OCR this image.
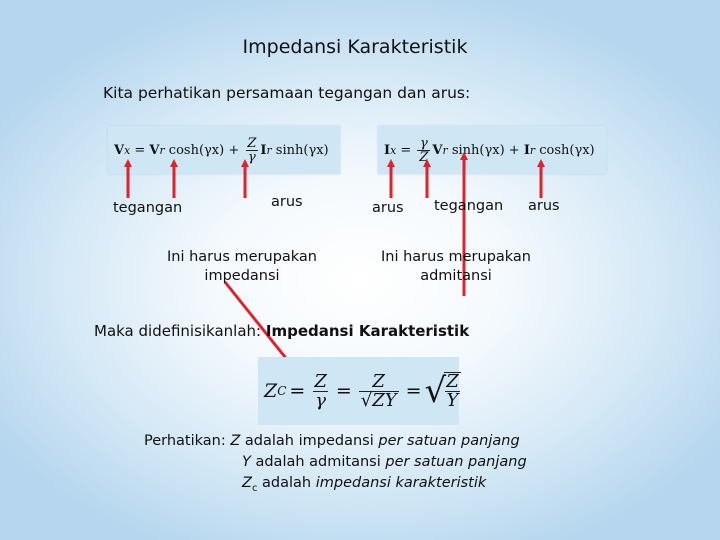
Impedansi Karakteristik
Kita perhatikan persamaan tegangan dan arus:
V x = V r $\cosh(\gamma x) + \frac{Z}{\gamma}$ I r sinh(γx)	I $x = \frac{\gamma}{Z}$ V r sinh(γx) + I r cosh(γx)
tegangan	arus
Ini harus merupakan
impedansi
arus tegangan arus
Ini harus merupakan
admitansi
Maka didefinisikanlah: Impedansi Karakteristik
Z $C = \frac{Z}{\gamma} = \frac{Z}{√ZY}$ = √
$\frac{Z}{Y}$
Perhatikan: Z adalah impedansi per satuan panjang
Y adalah admitansi per satuan panjang
$Z_c$ adalah impedansi karakteristik
